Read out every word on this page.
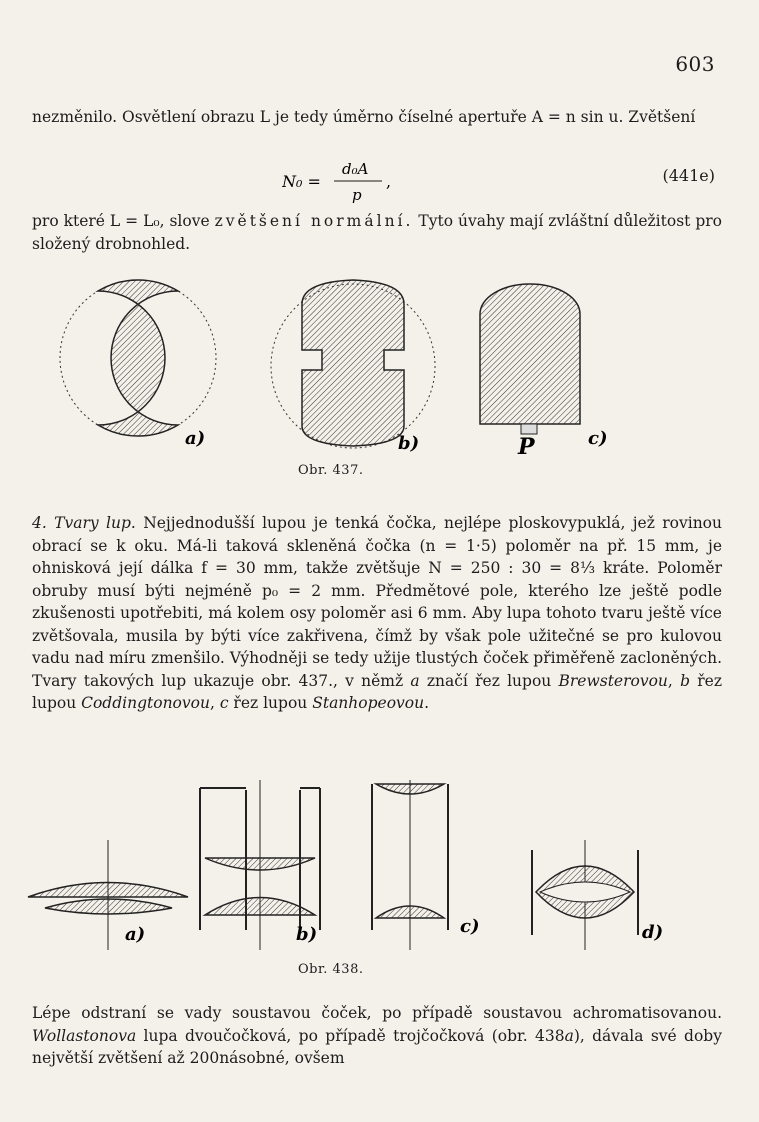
603
nezměnilo. Osvětlení obrazu L je tedy úměrno číselné apertuře A = n sin u. Zvětšení
N₀ =
d₀A
p
,	(441e)
pro které L = L₀, slove zvětšení normální. Tyto úvahy mají zvláštní důležitost pro složený drobnohled.
a)	b)	P	c)
Obr. 437.
4. Tvary lup. Nejjednodušší lupou je tenká čočka, nejlépe ploskovypuklá, jež rovinou obrací se k oku. Má-li taková skleněná čočka (n = 1·5) poloměr na př. 15 mm, je ohnisková její dálka f = 30 mm, takže zvětšuje N = 250 : 30 = 8⅓ kráte. Poloměr obruby musí býti nejméně p₀ = 2 mm. Předmětové pole, kterého lze ještě podle zkušenosti upotřebiti, má kolem osy poloměr asi 6 mm. Aby lupa tohoto tvaru ještě více zvětšovala, musila by býti více zakřivena, čímž by však pole užitečné se pro kulovou vadu nad míru zmenšilo. Výhodněji se tedy užije tlustých čoček přiměřeně zacloněných. Tvary takových lup ukazuje obr. 437., v němž a značí řez lupou Brewsterovou, b řez lupou Coddingtonovou, c řez lupou Stanhopeovou.
a)	b)	c)	d)
Obr. 438.
Lépe odstraní se vady soustavou čoček, po případě soustavou achromatisovanou. Wollastonova lupa dvoučočková, po případě trojčočková (obr. 438a), dávala své doby největší zvětšení až 200násobné, ovšem
